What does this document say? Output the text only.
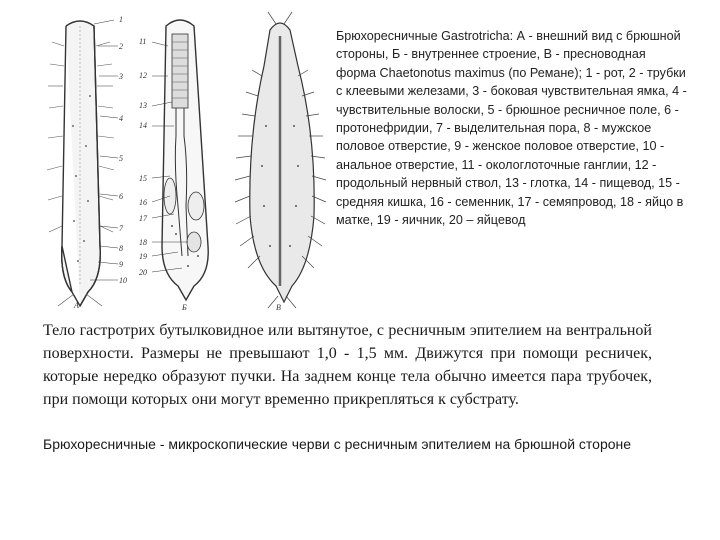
1
2
3
4
5
6
7
8
9
10
А
11
12
13
14
15
16
17
18
19
20
Б	В
Брюхоресничные Gastrotricha: А - внешний вид с брюшной стороны, Б - внутреннее строение, В - пресноводная форма Chaetonotus maximus (по Ремане); 1 - рот, 2 - трубки с клеевыми железами, 3 - боковая чувствительная ямка, 4 - чувствительные волоски, 5 - брюшное ресничное поле, 6 - протонефридии, 7 - выделительная пора, 8 - мужское половое отверстие, 9 - женское половое отверстие, 10 - анальное отверстие, 11 - окологлоточные ганглии, 12 - продольный нервный ствол, 13 - глотка, 14 - пищевод, 15 - средняя кишка, 16 - семенник, 17 - семяпровод, 18 - яйцо в матке, 19 - яичник, 20 – яйцевод
Тело гастротрих бутылковидное или вытянутое, с ресничным эпителием на вентральной поверхности. Размеры не превышают 1,0 - 1,5 мм. Движутся при помощи ресничек, которые нередко образуют пучки. На заднем конце тела обычно имеется пара трубочек, при помощи которых они могут временно прикрепляться к субстрату.
Брюхоресничные - микроскопические черви с ресничным эпителием на брюшной стороне
